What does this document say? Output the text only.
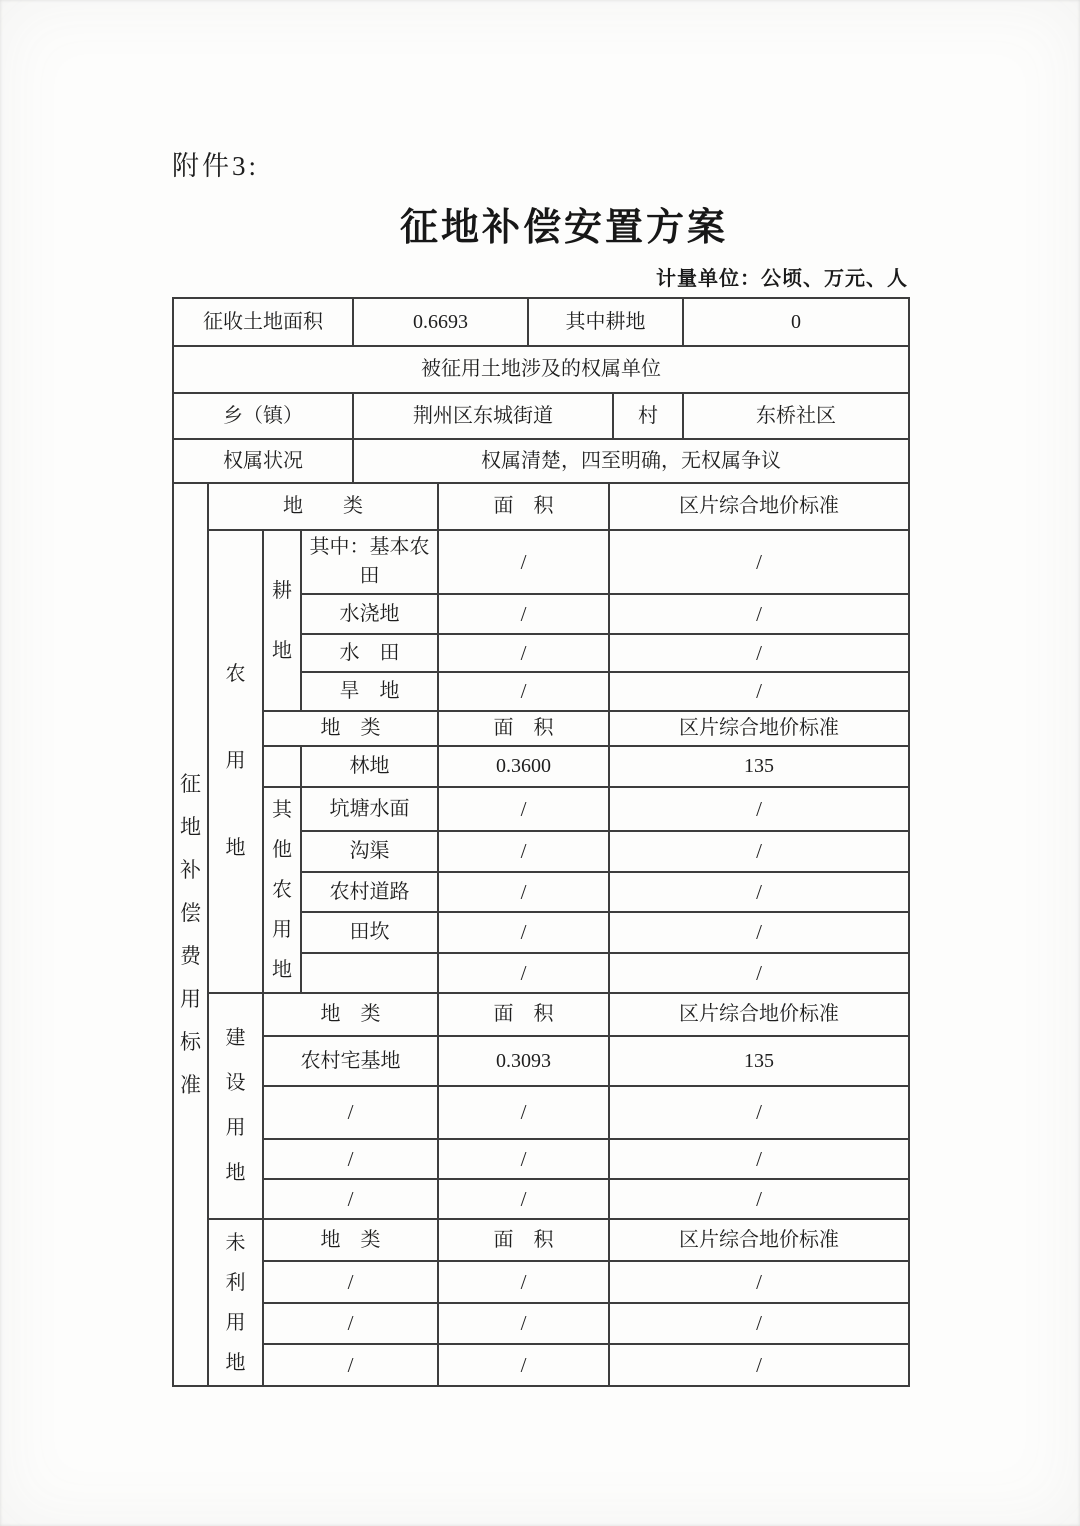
附件3:
征地补偿安置方案
计量单位：公顷、万元、人
征收土地面积	0.6693	其中耕地		0
被征用土地涉及的权属单位				
乡（镇）	荆州区东城街道		村	东桥社区
权属状况	权属清楚，四至明确，无权属争议			
征地补偿费用标准	地　　类			面　积	区片综合地价标准

	农用地	耕地	其中：基本农田	/	/
			水浇地	/	/
			水　田	/	/
			旱　地	/	/
		地　类		面　积	区片综合地价标准
			林地	0.3600	135

		其他农用地	坑塘水面	/	/
			沟渠	/	/
			农村道路	/	/
			田坎	/	/
				/	/

	建设用地	地　类		面　积	区片综合地价标准
		农村宅基地		0.3093	135
		/		/	/
		/		/	/
		/		/	/

	未利用地	地　类		面　积	区片综合地价标准
		/		/	/
		/		/	/
		/		/	/
